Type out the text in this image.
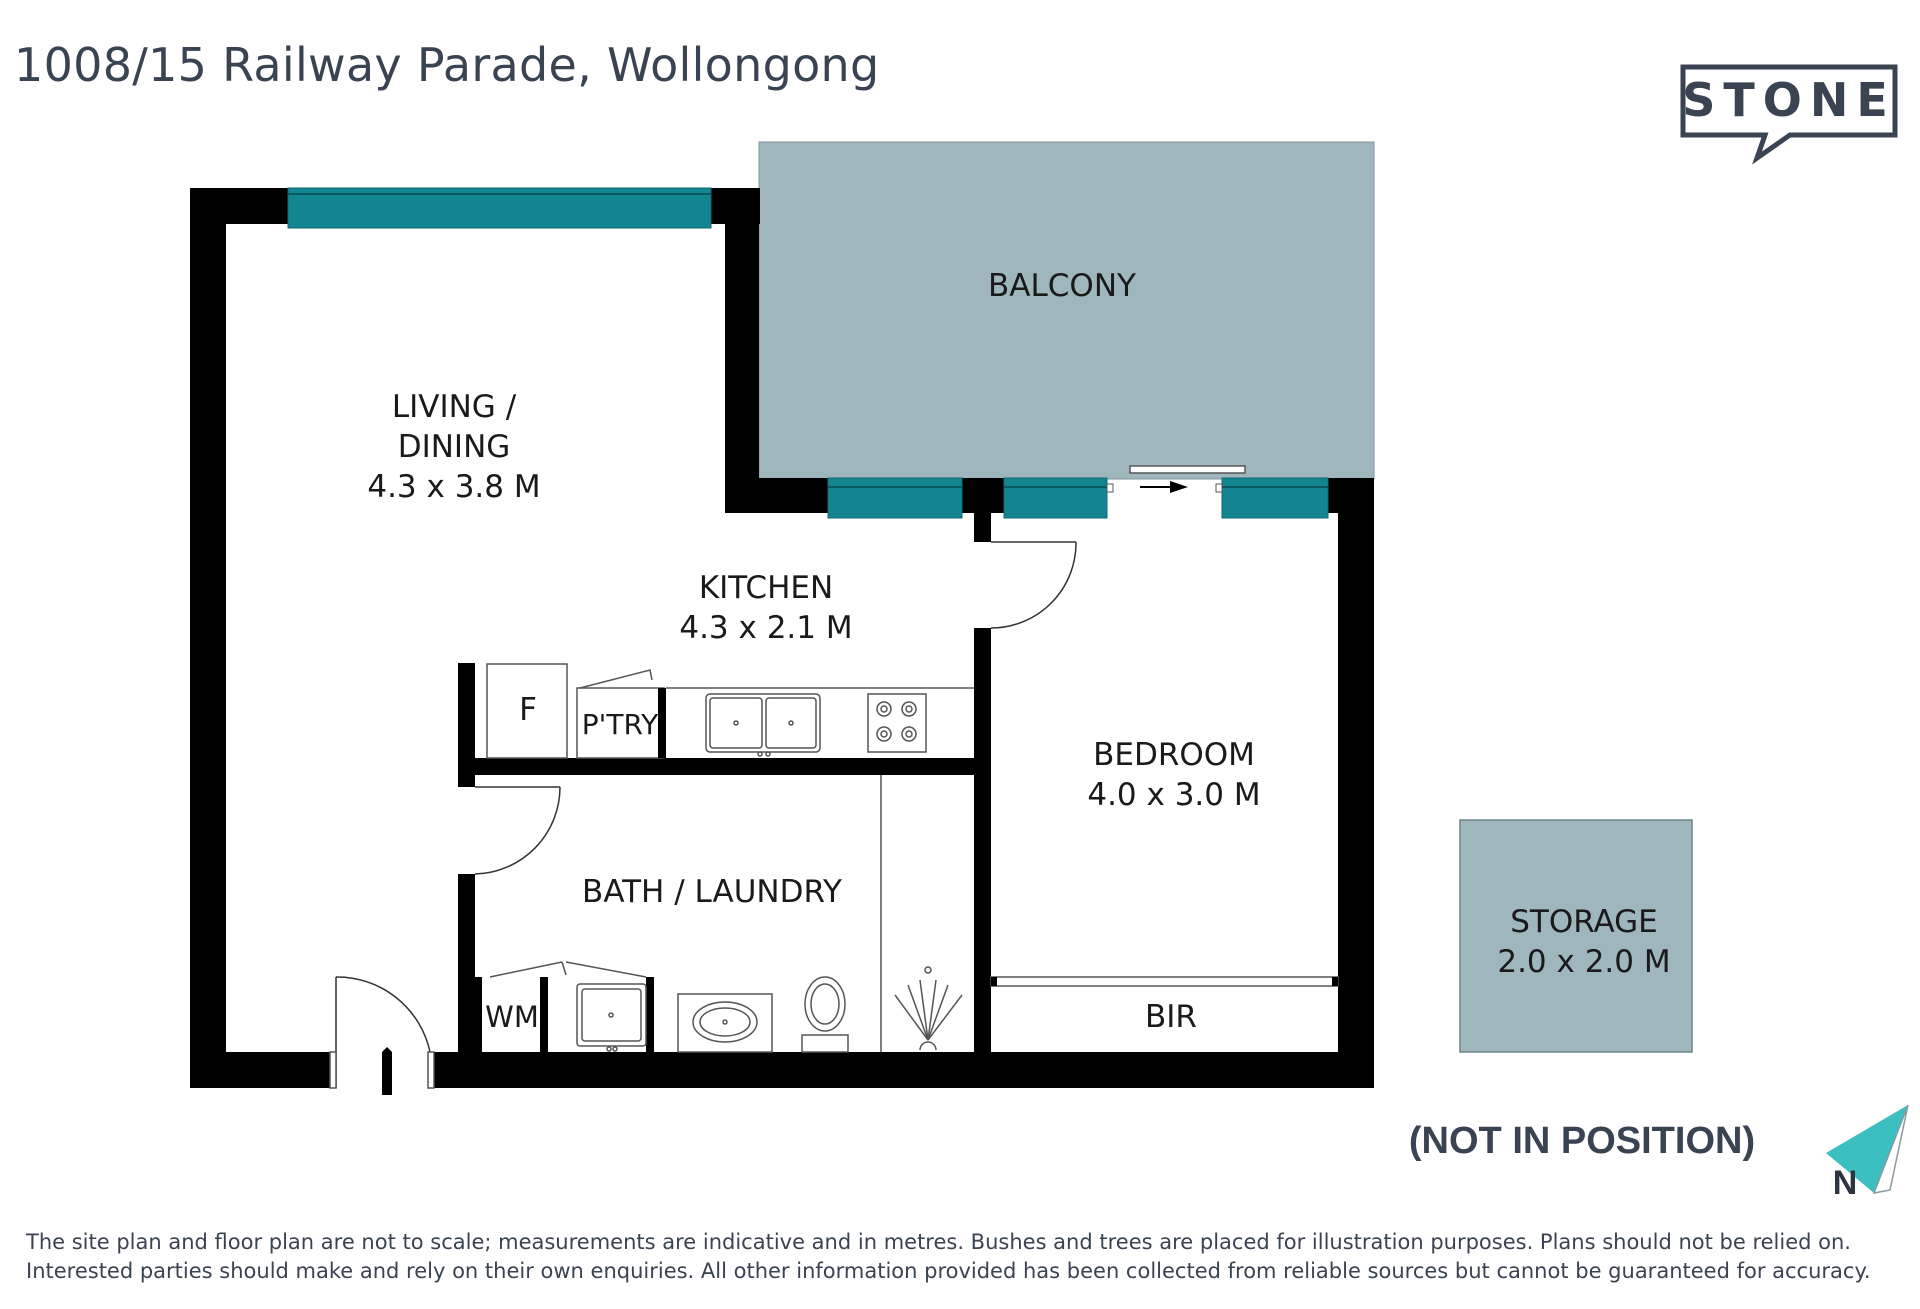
1008/15 Railway Parade, Wollongong
STONE
BALCONY
LIVING /
DINING
4.3 x 3.8 M
KITCHEN
4.3 x 2.1 M
BEDROOM
4.0 x 3.0 M
BATH / LAUNDRY
STORAGE
2.0 x 2.0 M
BIR
F P'TRY
WM
(NOT IN POSITION)
N
The site plan and floor plan are not to scale; measurements are indicative and in metres. Bushes and trees are placed for illustration purposes. Plans should not be relied on.
Interested parties should make and rely on their own enquiries. All other information provided has been collected from reliable sources but cannot be guaranteed for accuracy.
